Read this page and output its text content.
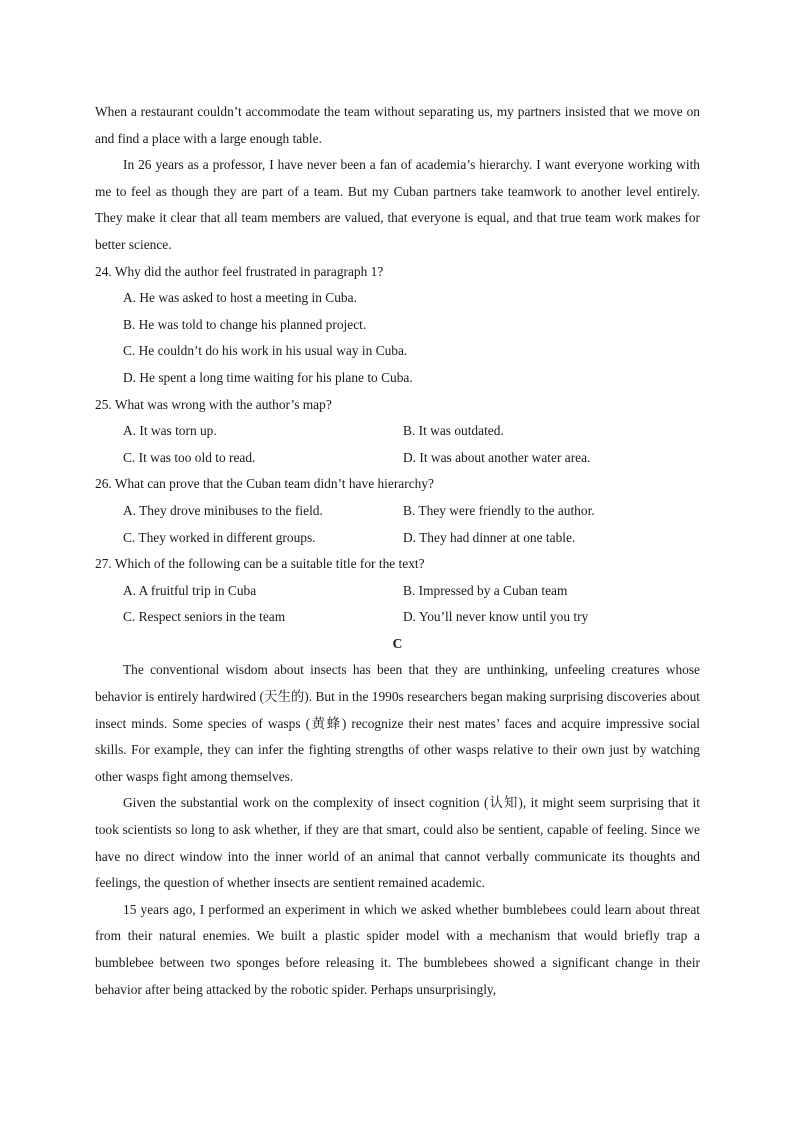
When a restaurant couldn’t accommodate the team without separating us, my partners insisted that we move on and find a place with a large enough table.

In 26 years as a professor, I have never been a fan of academia’s hierarchy. I want everyone working with me to feel as though they are part of a team. But my Cuban partners take teamwork to another level entirely. They make it clear that all team members are valued, that everyone is equal, and that true team work makes for better science.

24. Why did the author feel frustrated in paragraph 1?

A. He was asked to host a meeting in Cuba.

B. He was told to change his planned project.

C. He couldn’t do his work in his usual way in Cuba.

D. He spent a long time waiting for his plane to Cuba.

25. What was wrong with the author’s map?

A. It was torn up.	B. It was outdated.
C. It was too old to read.	D. It was about another water area.

26. What can prove that the Cuban team didn’t have hierarchy?

A. They drove minibuses to the field.	B. They were friendly to the author.
C. They worked in different groups.	D. They had dinner at one table.

27. Which of the following can be a suitable title for the text?

A. A fruitful trip in Cuba	B. Impressed by a Cuban team
C. Respect seniors in the team	D. You’ll never know until you try

C

The conventional wisdom about insects has been that they are unthinking, unfeeling creatures whose behavior is entirely hardwired (天生的). But in the 1990s researchers began making surprising discoveries about insect minds. Some species of wasps (黄蜂) recognize their nest mates’ faces and acquire impressive social skills. For example, they can infer the fighting strengths of other wasps relative to their own just by watching other wasps fight among themselves.

Given the substantial work on the complexity of insect cognition (认知), it might seem surprising that it took scientists so long to ask whether, if they are that smart, could also be sentient, capable of feeling. Since we have no direct window into the inner world of an animal that cannot verbally communicate its thoughts and feelings, the question of whether insects are sentient remained academic.

15 years ago, I performed an experiment in which we asked whether bumblebees could learn about threat from their natural enemies. We built a plastic spider model with a mechanism that would briefly trap a bumblebee between two sponges before releasing it. The bumblebees showed a significant change in their behavior after being attacked by the robotic spider. Perhaps unsurprisingly,
